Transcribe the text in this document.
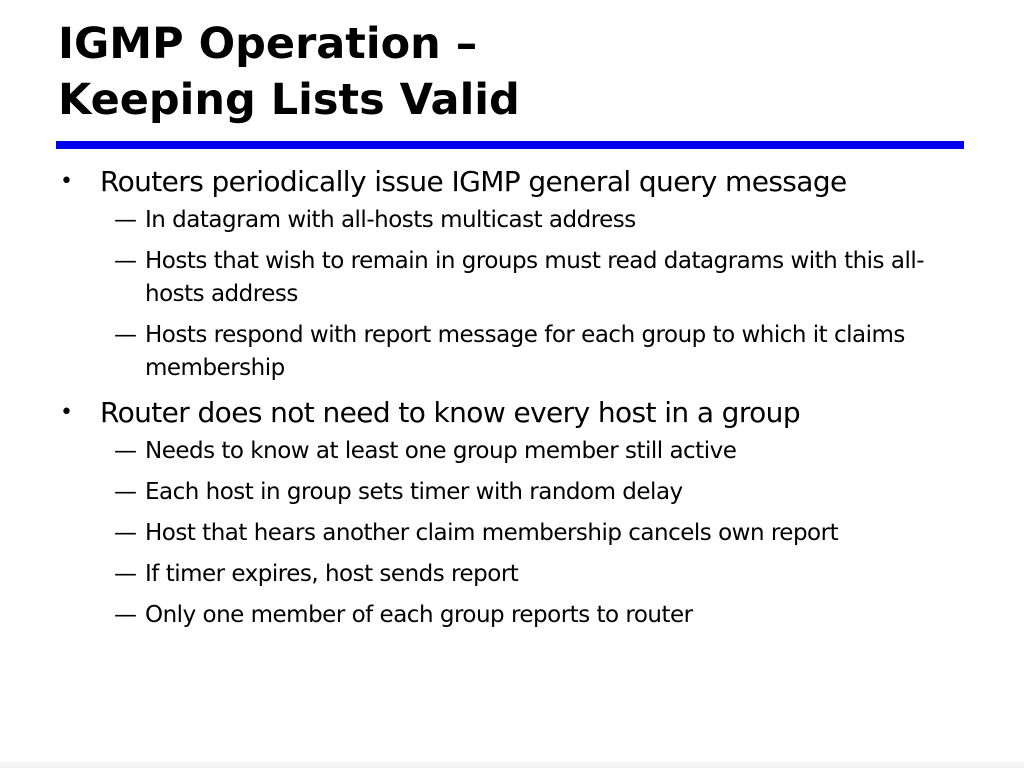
IGMP Operation –
Keeping Lists Valid
• Routers periodically issue IGMP general query message
— In datagram with all-hosts multicast address
— Hosts that wish to remain in groups must read datagrams with this all-hosts address
— Hosts respond with report message for each group to which it claims membership
• Router does not need to know every host in a group
— Needs to know at least one group member still active
— Each host in group sets timer with random delay
— Host that hears another claim membership cancels own report
— If timer expires, host sends report
— Only one member of each group reports to router
